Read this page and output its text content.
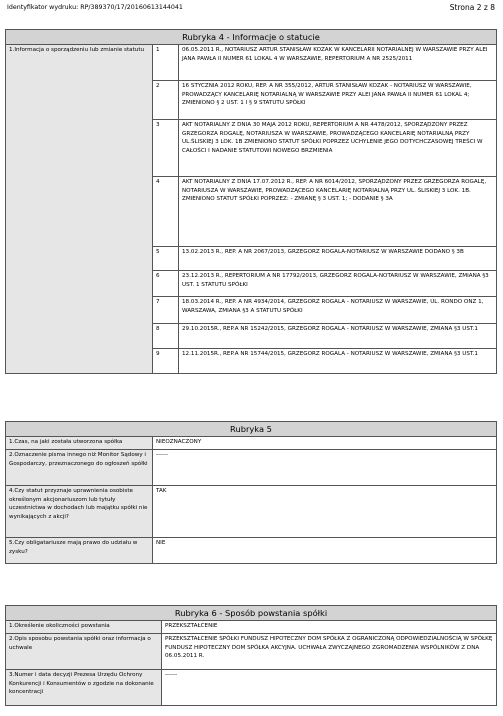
Identyfikator wydruku: RP/389370/17/20160613144041	Strona 2 z 8
Rubryka 4 - Informacje o statucie		
1.Informacja o sporządzeniu lub zmianie statutu	1	06.05.2011 R., NOTARIUSZ ARTUR STANISŁAW KOZAK W KANCELARII NOTARIALNEJ W WARSZAWIE PRZY ALEI JANA PAWŁA II NUMER 61 LOKAL 4 W WARSZAWIE, REPERTORIUM A NR 2525/2011
	2	16 STYCZNIA 2012 ROKU, REP. A NR 355/2012, ARTUR STANISŁAW KOZAK - NOTARIUSZ W WARSZAWIE, PROWADZĄCY KANCELARIĘ NOTARIALNĄ W WARSZAWIE PRZY ALEI JANA PAWŁA II NUMER 61 LOKAL 4; ZMIENIONO § 2 UST. 1 I § 9 STATUTU SPÓŁKI
	3	AKT NOTARIALNY Z DNIA 30 MAJA 2012 ROKU, REPERTORIUM A NR 4478/2012, SPORZĄDZONY PRZEZ GRZEGORZA ROGALĘ, NOTARIUSZA W WARSZAWIE, PROWADZĄCEGO KANCELARIĘ NOTARIALNĄ PRZY UL.ŚLISKIEJ 3 LOK. 1B ZMIENIONO STATUT SPÓŁKI POPRZEZ UCHYLENIE JEGO DOTYCHCZASOWEJ TREŚCI W CAŁOŚCI I NADANIE STATUTOWI NOWEGO BRZMIENIA
	4	AKT NOTARIALNY Z DNIA 17.07.2012 R., REP. A NR 6014/2012, SPORZĄDZONY PRZEZ GRZEGORZA ROGALĘ, NOTARIUSZA W WARSZAWIE, PROWADZĄCEGO KANCELARIĘ NOTARIALNĄ PRZY UL. ŚLISKIEJ 3 LOK. 1B. ZMIENIONO STATUT SPÓŁKI POPRZEZ: - ZMIANĘ § 3 UST. 1; - DODANIE § 3A
	5	13.02.2013 R., REP. A NR 2067/2013, GRZEGORZ ROGALA-NOTARIUSZ W WARSZAWIE DODANO § 3B
	6	23.12.2013 R., REPERTORIUM A NR 17792/2013, GRZEGORZ ROGALA-NOTARIUSZ W WARSZAWIE, ZMIANA §3 UST. 1 STATUTU SPÓŁKI
	7	18.03.2014 R., REP. A NR 4934/2014, GRZEGORZ ROGALA - NOTARIUSZ W WARSZAWIE, UL. RONDO ONZ 1, WARSZAWA, ZMIANA §3 A STATUTU SPÓŁKI
	8	29.10.2015R., REP.A NR 15242/2015, GRZEGORZ ROGALA - NOTARIUSZ W WARSZAWIE, ZMIANA §3 UST.1
	9	12.11.2015R., REP.A NR 15744/2015, GRZEGORZ ROGALA - NOTARIUSZ W WARSZAWIE, ZMIANA §3 UST.1
Rubryka 5	
1.Czas, na jaki została utworzona spółka	NIEOZNACZONY
2.Oznaczenie pisma innego niż Monitor Sądowy i Gospodarczy, przeznaczonego do ogłoszeń spółki	------
4.Czy statut przyznaje uprawnienia osobiste określonym akcjonariuszom lub tytuły uczestnictwa w dochodach lub majątku spółki nie wynikających z akcji?	TAK
5.Czy obligatariusze mają prawo do udziału w zysku?	NIE
Rubryka 6 - Sposób powstania spółki	
1.Określenie okoliczności powstania	PRZEKSZTAŁCENIE
2.Opis sposobu powstania spółki oraz informacja o uchwale	PRZEKSZTAŁCENIE SPÓŁKI FUNDUSZ HIPOTECZNY DOM SPÓŁKA Z OGRANICZONĄ ODPOWIEDZIALNOŚCIĄ W SPÓŁKĘ FUNDUSZ HIPOTECZNY DOM SPÓŁKA AKCYJNA. UCHWAŁA ZWYCZAJNEGO ZGROMADZENIA WSPÓLNIKÓW Z DNA 06.05.2011 R.
3.Numer i data decyzji Prezesa Urzędu Ochrony Konkurencji i Konsumentów o zgodzie na dokonanie koncentracji	------
